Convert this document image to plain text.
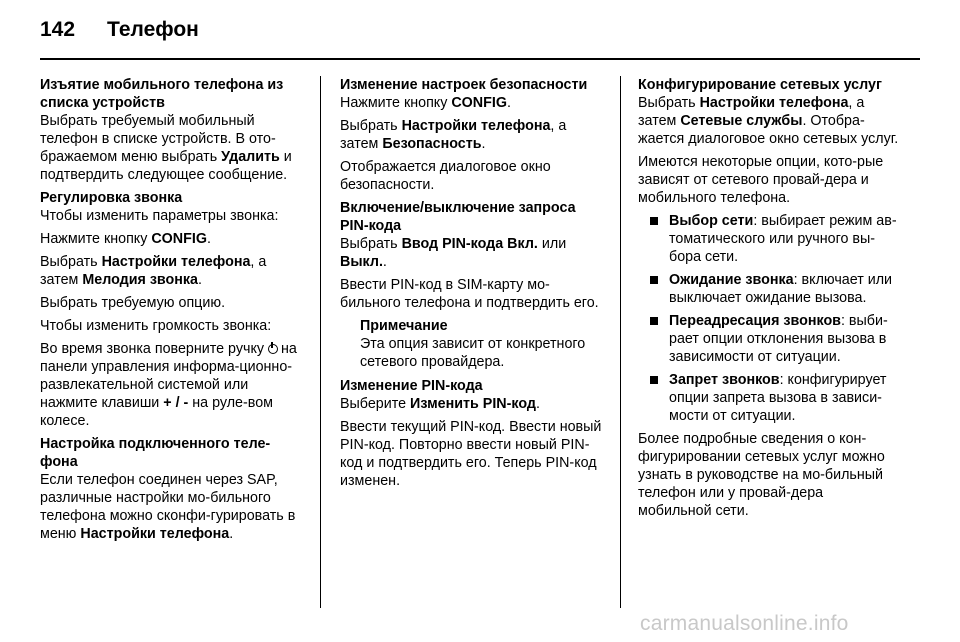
142 Телефон
Изъятие мобильного телефона из списка устройств

Выбрать требуемый мобильный телефон в списке устройств. В ото-бражаемом меню выбрать Удалить и подтвердить следующее сообщение.

Регулировка звонка

Чтобы изменить параметры звонка:

Нажмите кнопку CONFIG.

Выбрать Настройки телефона, а затем Мелодия звонка.

Выбрать требуемую опцию.

Чтобы изменить громкость звонка:

Во время звонка поверните ручку на панели управления информа-ционно-развлекательной системой или нажмите клавиши + / - на руле-вом колесе.

Настройка подключенного теле-фона

Если телефон соединен через SAP, различные настройки мо-бильного телефона можно сконфи-гурировать в меню Настройки телефона.

Изменение настроек безопасности

Нажмите кнопку CONFIG.

Выбрать Настройки телефона, а затем Безопасность.

Отображается диалоговое окно безопасности.

Включение/выключение запроса PIN-кода

Выбрать Ввод PIN-кода Вкл. или Выкл..

Ввести PIN-код в SIM-карту мо-бильного телефона и подтвердить его.

Примечание
Эта опция зависит от конкретного сетевого провайдера.
Изменение PIN-кода

Выберите Изменить PIN-код.

Ввести текущий PIN-код. Ввести новый PIN-код. Повторно ввести новый PIN-код и подтвердить его. Теперь PIN-код изменен.

Конфигурирование сетевых услуг

Выбрать Настройки телефона, а затем Сетевые службы. Отобра-жается диалоговое окно сетевых услуг.

Имеются некоторые опции, кото-рые зависят от сетевого провай-дера и мобильного телефона.

Выбор сети: выбирает режим ав-томатического или ручного вы-бора сети.
Ожидание звонка: включает или выключает ожидание вызова.
Переадресация звонков: выби-рает опции отклонения вызова в зависимости от ситуации.
Запрет звонков: конфигурирует опции запрета вызова в зависи-мости от ситуации.

Более подробные сведения о кон-фигурировании сетевых услуг можно узнать в руководстве на мо-бильный телефон или у провай-дера мобильной сети.

carmanualsonline.info
